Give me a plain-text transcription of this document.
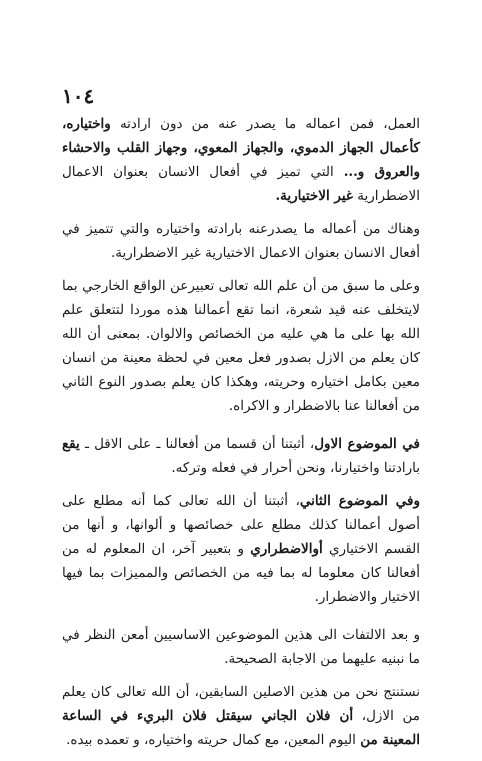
١٠٤

العمل، فمن اعماله ما يصدر عنه من دون ارادته واختياره، كأعمال الجهاز الدموي، والجهاز المعوي، وجهاز القلب والاحشاء والعروق و... التي تميز في أفعال الانسان بعنوان الاعمال الاضطرارية غير الاختيارية.

وهناك من أعماله ما يصدرعنه بارادته واختياره والتي تتميز في أفعال الانسان بعنوان الاعمال الاختيارية غير الاضطرارية.

وعلى ما سبق من أن علم الله تعالى تعبيرعن الواقع الخارجي بما لايتخلف عنه قيد شعرة، انما تقع أعمالنا هذه موردا لتتعلق علم الله بها على ما هي عليه من الخصائص والالوان. بمعنى أن الله كان يعلم من الازل بصدور فعل معين في لحظة معينة من انسان معين بكامل اختياره وحريته، وهكذا كان يعلم بصدور النوع الثاني من أفعالنا عنا بالاضطرار و الاكراه.

في الموضوع الاول، أثبتنا أن قسما من أفعالنا ـ على الاقل ـ يقع بارادتنا واختيارنا، ونحن أحرار في فعله وتركه.

وفي الموضوع الثاني، أثبتنا أن الله تعالى كما أنه مطلع على أصول أعمالنا كذلك مطلع على خصائصها و ألوانها، و أنها من القسم الاختياري أوالاضطراري و بتعبير آخر، ان المعلوم له من أفعالنا كان معلوما له بما فيه من الخصائص والمميزات بما فيها الاختيار والاضطرار.

و بعد الالتفات الى هذين الموضوعين الاساسيين أمعن النظر في ما نبنيه عليهما من الاجابة الصحيحة.

نستنتج نحن من هذين الاصلين السابقين، أن الله تعالى كان يعلم من الازل، أن فلان الجاني سيقتل فلان البريء في الساعة المعينة من اليوم المعين، مع كمال حريته واختياره، و تعمده بيده.
